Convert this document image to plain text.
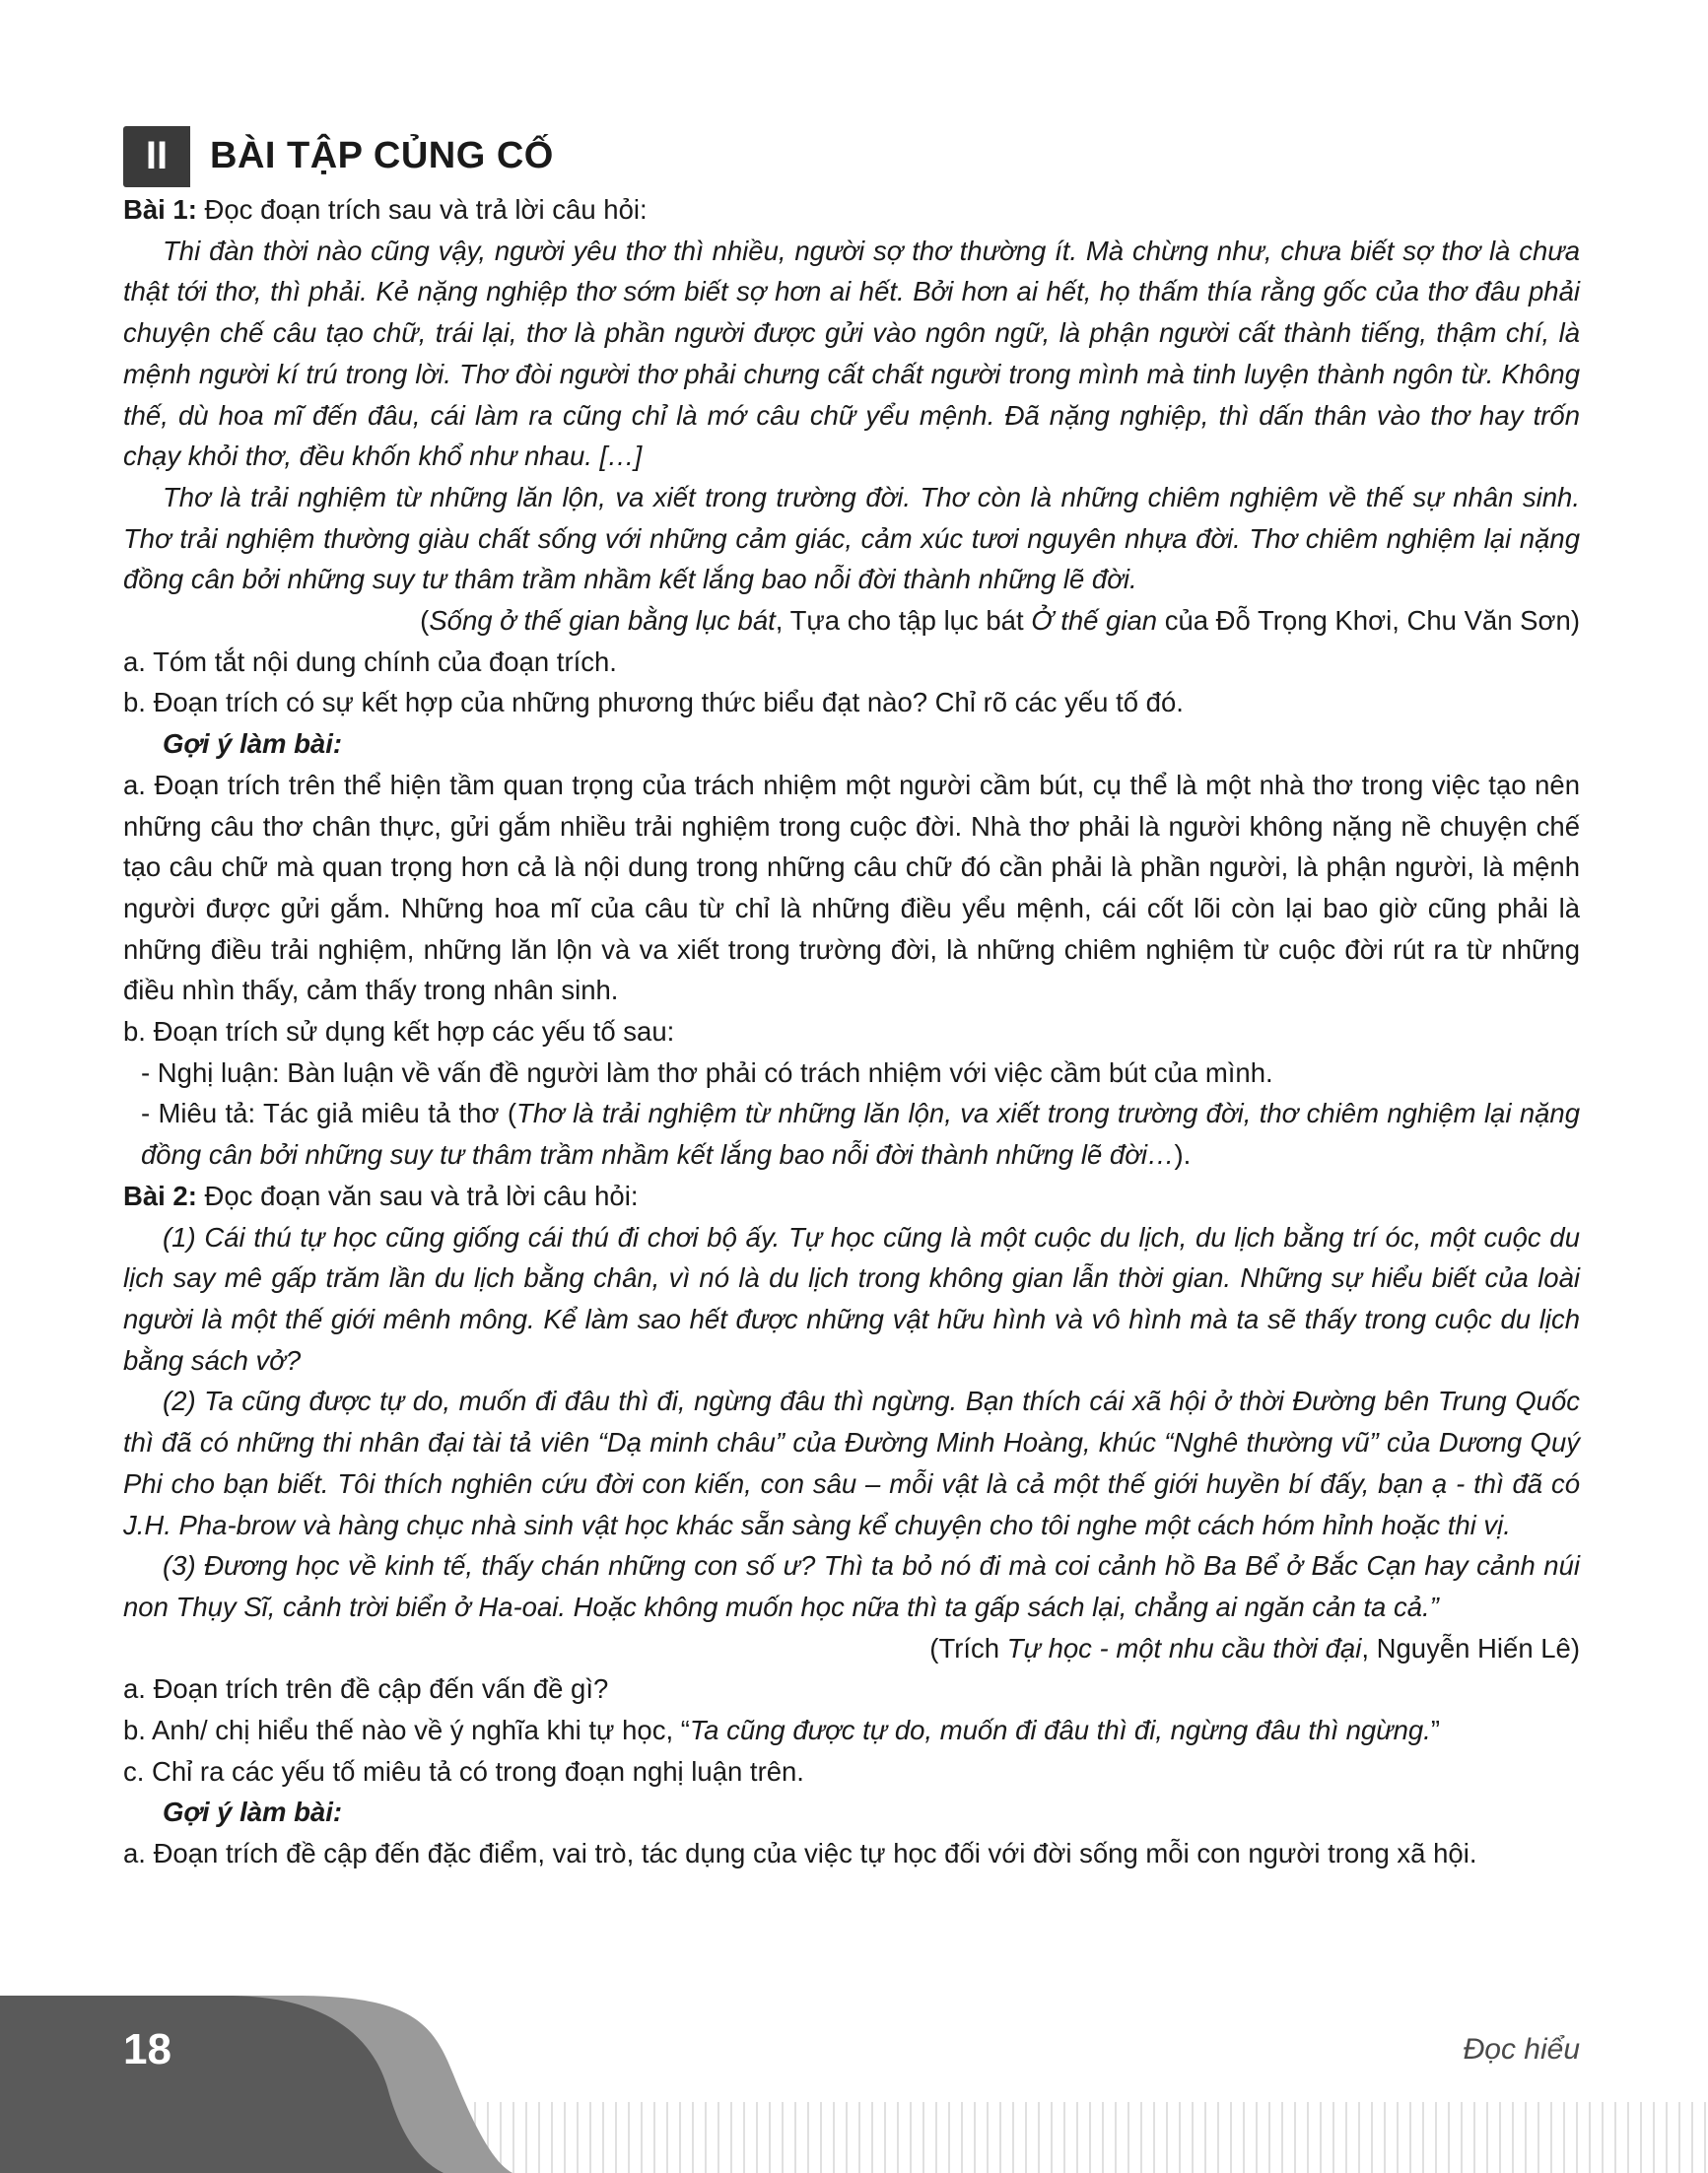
II	BÀI TẬP CỦNG CỐ

Bài 1: Đọc đoạn trích sau và trả lời câu hỏi:

Thi đàn thời nào cũng vậy, người yêu thơ thì nhiều, người sợ thơ thường ít. Mà chừng như, chưa biết sợ thơ là chưa thật tới thơ, thì phải. Kẻ nặng nghiệp thơ sớm biết sợ hơn ai hết. Bởi hơn ai hết, họ thấm thía rằng gốc của thơ đâu phải chuyện chế câu tạo chữ, trái lại, thơ là phần người được gửi vào ngôn ngữ, là phận người cất thành tiếng, thậm chí, là mệnh người kí trú trong lời. Thơ đòi người thơ phải chưng cất chất người trong mình mà tinh luyện thành ngôn từ. Không thế, dù hoa mĩ đến đâu, cái làm ra cũng chỉ là mớ câu chữ yểu mệnh. Đã nặng nghiệp, thì dấn thân vào thơ hay trốn chạy khỏi thơ, đều khốn khổ như nhau. […]

Thơ là trải nghiệm từ những lăn lộn, va xiết trong trường đời. Thơ còn là những chiêm nghiệm về thế sự nhân sinh. Thơ trải nghiệm thường giàu chất sống với những cảm giác, cảm xúc tươi nguyên nhựa đời. Thơ chiêm nghiệm lại nặng đồng cân bởi những suy tư thâm trầm nhầm kết lắng bao nỗi đời thành những lẽ đời.

(Sống ở thế gian bằng lục bát, Tựa cho tập lục bát Ở thế gian của Đỗ Trọng Khơi, Chu Văn Sơn)

a. Tóm tắt nội dung chính của đoạn trích.

b. Đoạn trích có sự kết hợp của những phương thức biểu đạt nào? Chỉ rõ các yếu tố đó.

Gợi ý làm bài:

a. Đoạn trích trên thể hiện tầm quan trọng của trách nhiệm một người cầm bút, cụ thể là một nhà thơ trong việc tạo nên những câu thơ chân thực, gửi gắm nhiều trải nghiệm trong cuộc đời. Nhà thơ phải là người không nặng nề chuyện chế tạo câu chữ mà quan trọng hơn cả là nội dung trong những câu chữ đó cần phải là phần người, là phận người, là mệnh người được gửi gắm. Những hoa mĩ của câu từ chỉ là những điều yểu mệnh, cái cốt lõi còn lại bao giờ cũng phải là những điều trải nghiệm, những lăn lộn và va xiết trong trường đời, là những chiêm nghiệm từ cuộc đời rút ra từ những điều nhìn thấy, cảm thấy trong nhân sinh.

b. Đoạn trích sử dụng kết hợp các yếu tố sau:

- Nghị luận: Bàn luận về vấn đề người làm thơ phải có trách nhiệm với việc cầm bút của mình.

- Miêu tả: Tác giả miêu tả thơ (Thơ là trải nghiệm từ những lăn lộn, va xiết trong trường đời, thơ chiêm nghiệm lại nặng đồng cân bởi những suy tư thâm trầm nhầm kết lắng bao nỗi đời thành những lẽ đời…).

Bài 2: Đọc đoạn văn sau và trả lời câu hỏi:

(1) Cái thú tự học cũng giống cái thú đi chơi bộ ấy. Tự học cũng là một cuộc du lịch, du lịch bằng trí óc, một cuộc du lịch say mê gấp trăm lần du lịch bằng chân, vì nó là du lịch trong không gian lẫn thời gian. Những sự hiểu biết của loài người là một thế giới mênh mông. Kể làm sao hết được những vật hữu hình và vô hình mà ta sẽ thấy trong cuộc du lịch bằng sách vở?

(2) Ta cũng được tự do, muốn đi đâu thì đi, ngừng đâu thì ngừng. Bạn thích cái xã hội ở thời Đường bên Trung Quốc thì đã có những thi nhân đại tài tả viên “Dạ minh châu” của Đường Minh Hoàng, khúc “Nghê thường vũ” của Dương Quý Phi cho bạn biết. Tôi thích nghiên cứu đời con kiến, con sâu – mỗi vật là cả một thế giới huyền bí đấy, bạn ạ - thì đã có J.H. Pha-brow và hàng chục nhà sinh vật học khác sẵn sàng kể chuyện cho tôi nghe một cách hóm hỉnh hoặc thi vị.

(3) Đương học về kinh tế, thấy chán những con số ư? Thì ta bỏ nó đi mà coi cảnh hồ Ba Bể ở Bắc Cạn hay cảnh núi non Thụy Sĩ, cảnh trời biển ở Ha-oai. Hoặc không muốn học nữa thì ta gấp sách lại, chẳng ai ngăn cản ta cả.”

(Trích Tự học - một nhu cầu thời đại, Nguyễn Hiến Lê)

a. Đoạn trích trên đề cập đến vấn đề gì?

b. Anh/ chị hiểu thế nào về ý nghĩa khi tự học, “Ta cũng được tự do, muốn đi đâu thì đi, ngừng đâu thì ngừng.”

c. Chỉ ra các yếu tố miêu tả có trong đoạn nghị luận trên.

Gợi ý làm bài:

a. Đoạn trích đề cập đến đặc điểm, vai trò, tác dụng của việc tự học đối với đời sống mỗi con người trong xã hội.

18	Đọc hiểu
